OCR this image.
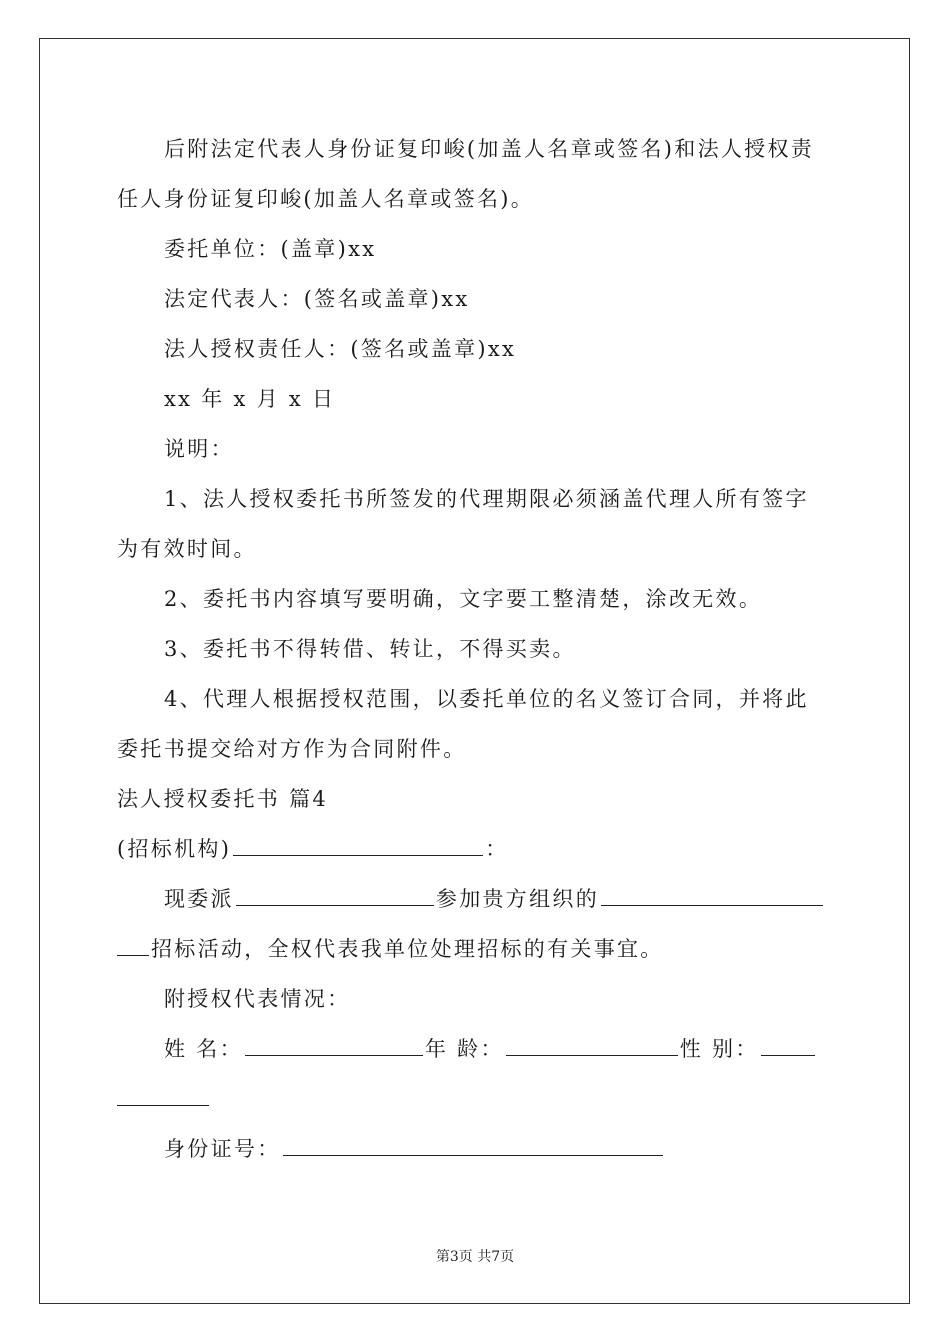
后附法定代表人身份证复印峻(加盖人名章或签名)和法人授权责
任人身份证复印峻(加盖人名章或签名)。
委托单位：(盖章)xx
法定代表人：(签名或盖章)xx
法人授权责任人：(签名或盖章)xx
xx 年 x 月 x 日
说明：
1、法人授权委托书所签发的代理期限必须涵盖代理人所有签字
为有效时间。
2、委托书内容填写要明确，文字要工整清楚，涂改无效。
3、委托书不得转借、转让，不得买卖。
4、代理人根据授权范围，以委托单位的名义签订合同，并将此
委托书提交给对方作为合同附件。
法人授权委托书 篇4
(招标机构)	：
现委派	参加贵方组织的
招标活动，全权代表我单位处理招标的有关事宜。
附授权代表情况：
姓 名：	年 龄：	性 别：
身份证号：
第3页 共7页
